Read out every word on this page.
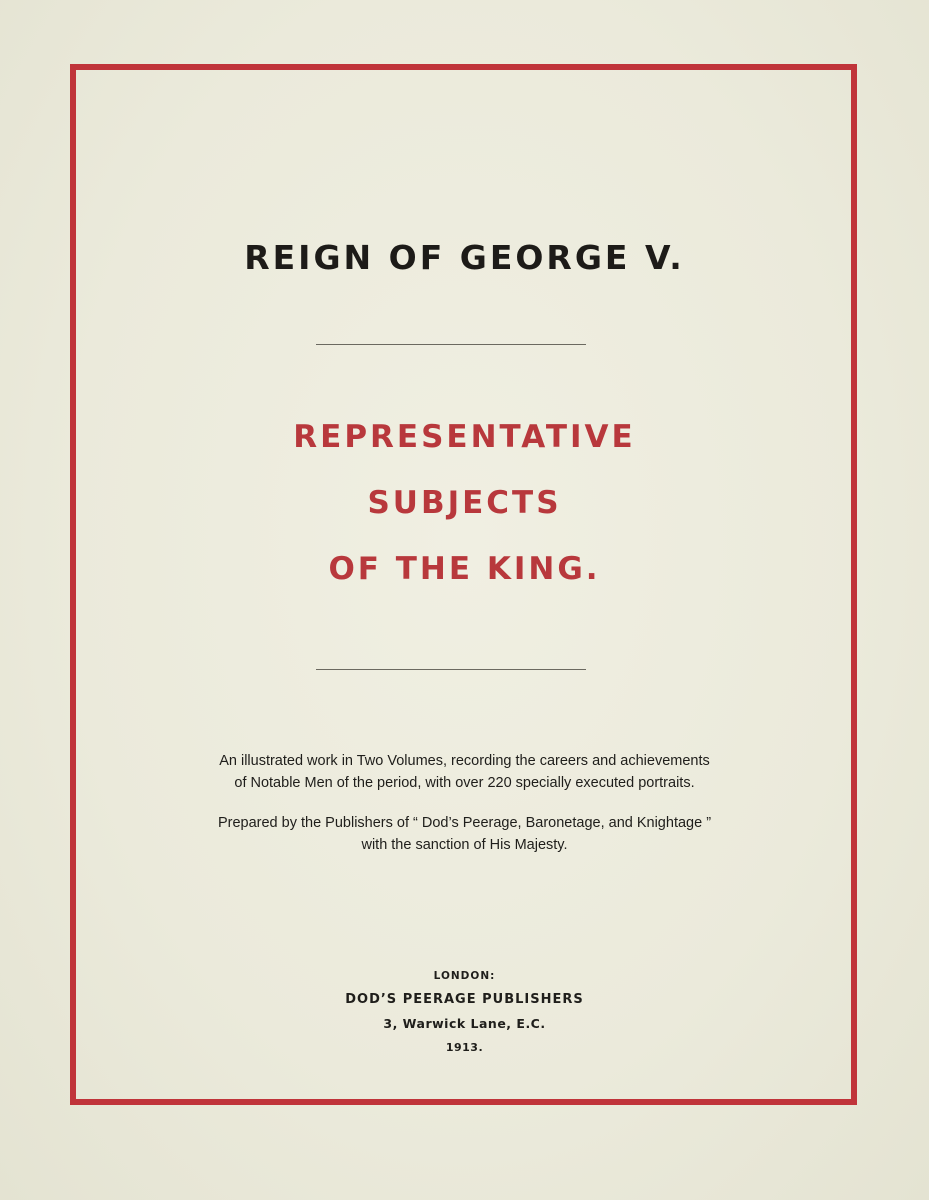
REIGN OF GEORGE V.
REPRESENTATIVE
SUBJECTS
OF THE KING.
An illustrated work in Two Volumes, recording the careers and achievements
of Notable Men of the period, with over 220 specially executed portraits.
Prepared by the Publishers of “ Dod’s Peerage, Baronetage, and Knightage ”
with the sanction of His Majesty.
LONDON:
DOD’S PEERAGE PUBLISHERS
3, Warwick Lane, E.C.
1913.
